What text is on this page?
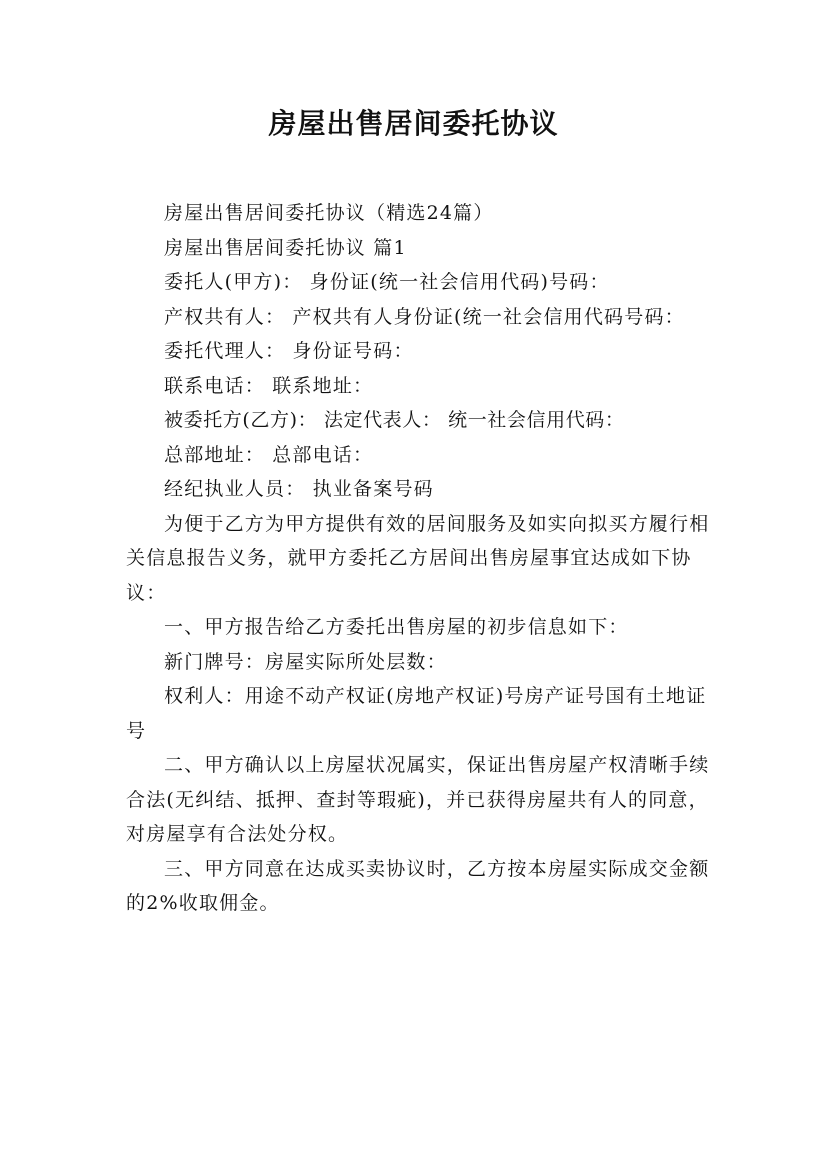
房屋出售居间委托协议

房屋出售居间委托协议（精选24篇）

房屋出售居间委托协议 篇1

委托人(甲方)： 身份证(统一社会信用代码)号码：

产权共有人： 产权共有人身份证(统一社会信用代码号码：

委托代理人： 身份证号码：

联系电话： 联系地址：

被委托方(乙方)： 法定代表人： 统一社会信用代码：

总部地址： 总部电话：

经纪执业人员： 执业备案号码

为便于乙方为甲方提供有效的居间服务及如实向拟买方履行相关信息报告义务，就甲方委托乙方居间出售房屋事宜达成如下协议：

一、甲方报告给乙方委托出售房屋的初步信息如下：

新门牌号：房屋实际所处层数：

权利人：用途不动产权证(房地产权证)号房产证号国有土地证号

二、甲方确认以上房屋状况属实，保证出售房屋产权清晰手续合法(无纠结、抵押、查封等瑕疵)，并已获得房屋共有人的同意，对房屋享有合法处分权。

三、甲方同意在达成买卖协议时，乙方按本房屋实际成交金额的2%收取佣金。
